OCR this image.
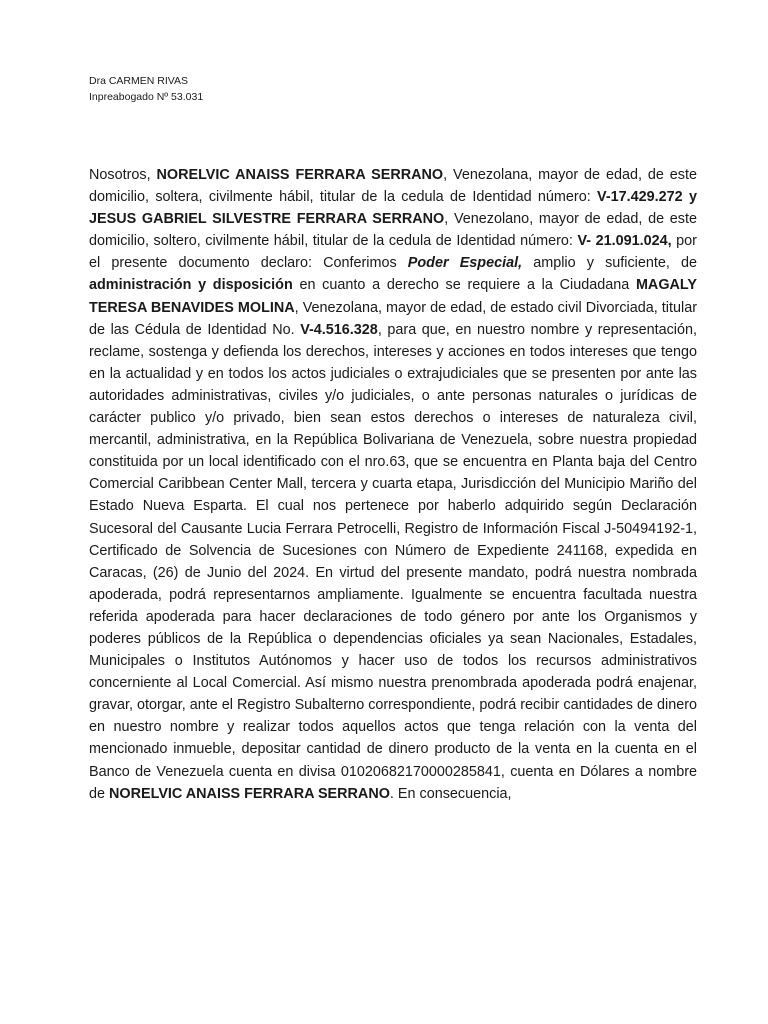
Dra CARMEN RIVAS
Inpreabogado Nº 53.031
Nosotros, NORELVIC ANAISS FERRARA SERRANO, Venezolana, mayor de edad, de este domicilio, soltera, civilmente hábil, titular de la cedula de Identidad número: V-17.429.272 y JESUS GABRIEL SILVESTRE FERRARA SERRANO, Venezolano, mayor de edad, de este domicilio, soltero, civilmente hábil, titular de la cedula de Identidad número: V- 21.091.024, por el presente documento declaro: Conferimos Poder Especial, amplio y suficiente, de administración y disposición en cuanto a derecho se requiere a la Ciudadana MAGALY TERESA BENAVIDES MOLINA, Venezolana, mayor de edad, de estado civil Divorciada, titular de las Cédula de Identidad No. V-4.516.328, para que, en nuestro nombre y representación, reclame, sostenga y defienda los derechos, intereses y acciones en todos intereses que tengo en la actualidad y en todos los actos judiciales o extrajudiciales que se presenten por ante las autoridades administrativas, civiles y/o judiciales, o ante personas naturales o jurídicas de carácter publico y/o privado, bien sean estos derechos o intereses de naturaleza civil, mercantil, administrativa, en la República Bolivariana de Venezuela, sobre nuestra propiedad constituida por un local identificado con el nro.63, que se encuentra en Planta baja del Centro Comercial Caribbean Center Mall, tercera y cuarta etapa, Jurisdicción del Municipio Mariño del Estado Nueva Esparta. El cual nos pertenece por haberlo adquirido según Declaración Sucesoral del Causante Lucia Ferrara Petrocelli, Registro de Información Fiscal J-50494192-1, Certificado de Solvencia de Sucesiones con Número de Expediente 241168, expedida en Caracas, (26) de Junio del 2024. En virtud del presente mandato, podrá nuestra nombrada apoderada, podrá representarnos ampliamente. Igualmente se encuentra facultada nuestra referida apoderada para hacer declaraciones de todo género por ante los Organismos y poderes públicos de la República o dependencias oficiales ya sean Nacionales, Estadales, Municipales o Institutos Autónomos y hacer uso de todos los recursos administrativos concerniente al Local Comercial. Así mismo nuestra prenombrada apoderada podrá enajenar, gravar, otorgar, ante el Registro Subalterno correspondiente, podrá recibir cantidades de dinero en nuestro nombre y realizar todos aquellos actos que tenga relación con la venta del mencionado inmueble, depositar cantidad de dinero producto de la venta en la cuenta en el Banco de Venezuela cuenta en divisa 01020682170000285841, cuenta en Dólares a nombre de NORELVIC ANAISS FERRARA SERRANO. En consecuencia,
